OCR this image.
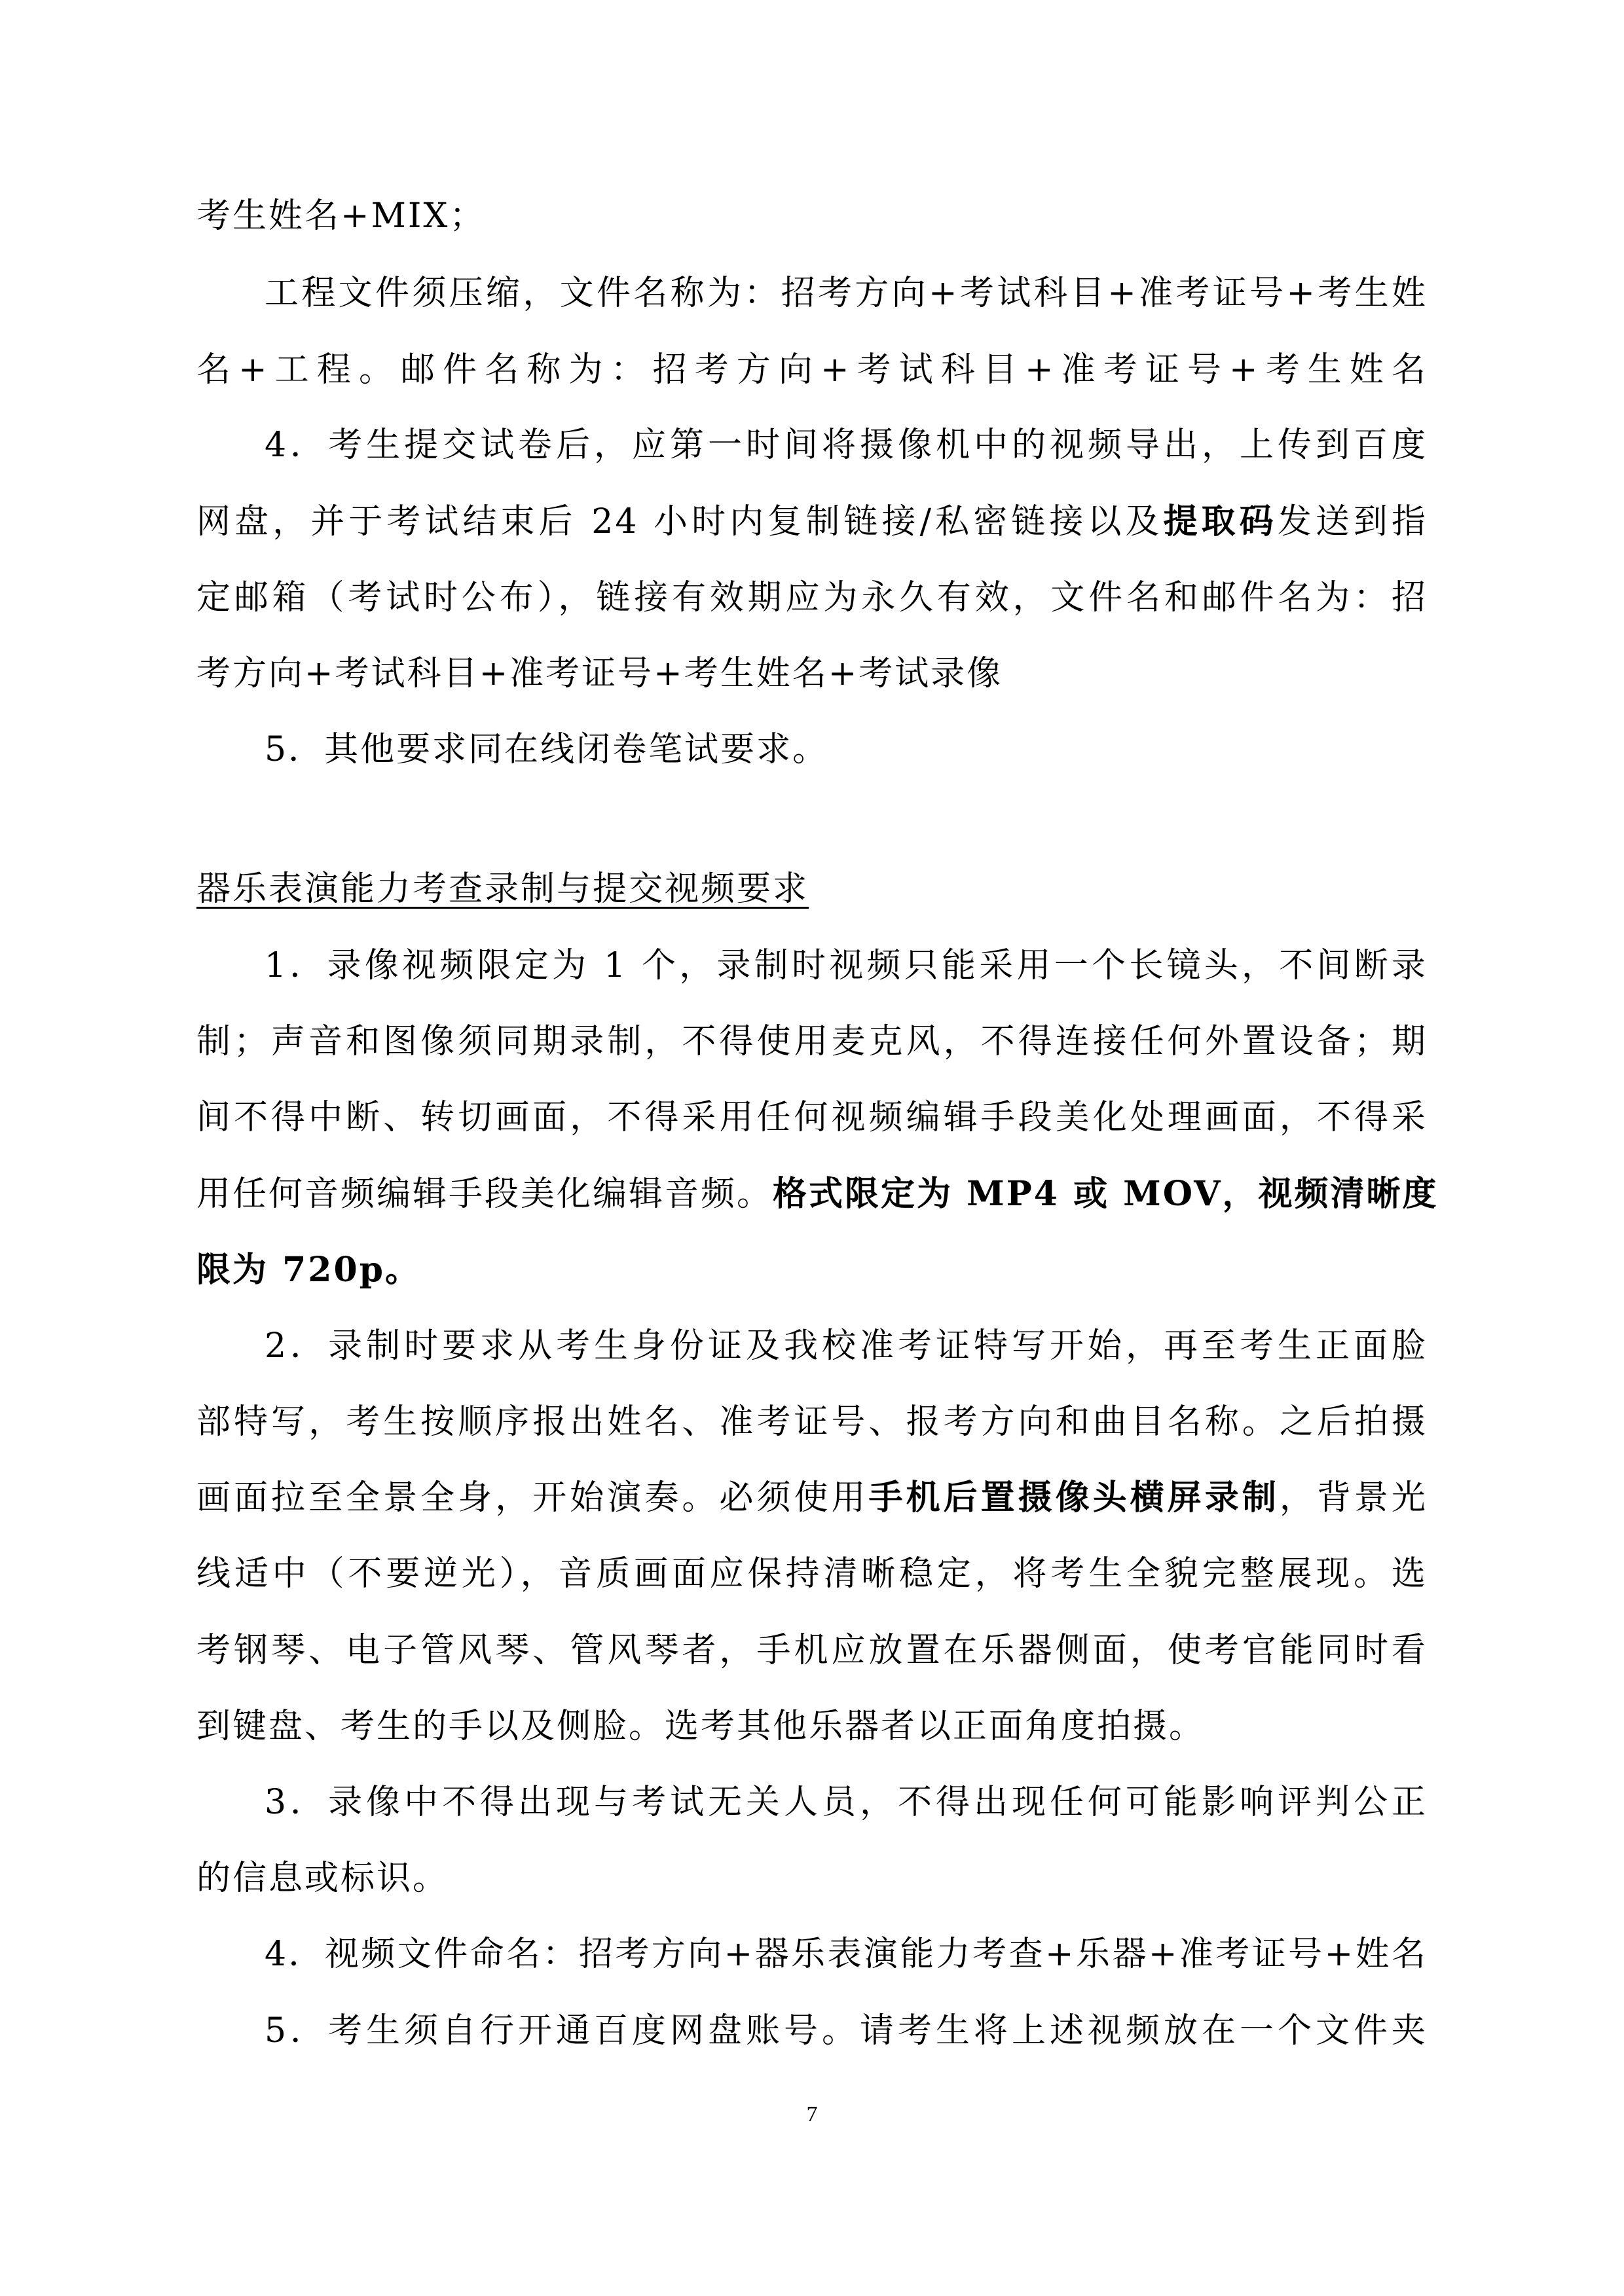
考生姓名+MIX；
工程文件须压缩，文件名称为：招考方向+考试科目+准考证号+考生姓
名+工程。邮件名称为：招考方向+考试科目+准考证号+考生姓名
4．考生提交试卷后，应第一时间将摄像机中的视频导出，上传到百度
网盘，并于考试结束后 24 小时内复制链接/私密链接以及提取码发送到指
定邮箱（考试时公布），链接有效期应为永久有效，文件名和邮件名为：招
考方向+考试科目+准考证号+考生姓名+考试录像
5．其他要求同在线闭卷笔试要求。
器乐表演能力考查录制与提交视频要求
1．录像视频限定为 1 个，录制时视频只能采用一个长镜头，不间断录
制；声音和图像须同期录制，不得使用麦克风，不得连接任何外置设备；期
间不得中断、转切画面，不得采用任何视频编辑手段美化处理画面，不得采
用任何音频编辑手段美化编辑音频。格式限定为 MP4 或 MOV，视频清晰度
限为 720p。
2．录制时要求从考生身份证及我校准考证特写开始，再至考生正面脸
部特写，考生按顺序报出姓名、准考证号、报考方向和曲目名称。之后拍摄
画面拉至全景全身，开始演奏。必须使用手机后置摄像头横屏录制，背景光
线适中（不要逆光），音质画面应保持清晰稳定，将考生全貌完整展现。选
考钢琴、电子管风琴、管风琴者，手机应放置在乐器侧面，使考官能同时看
到键盘、考生的手以及侧脸。选考其他乐器者以正面角度拍摄。
3．录像中不得出现与考试无关人员，不得出现任何可能影响评判公正
的信息或标识。
4．视频文件命名：招考方向+器乐表演能力考查+乐器+准考证号+姓名
5．考生须自行开通百度网盘账号。请考生将上述视频放在一个文件夹
7
